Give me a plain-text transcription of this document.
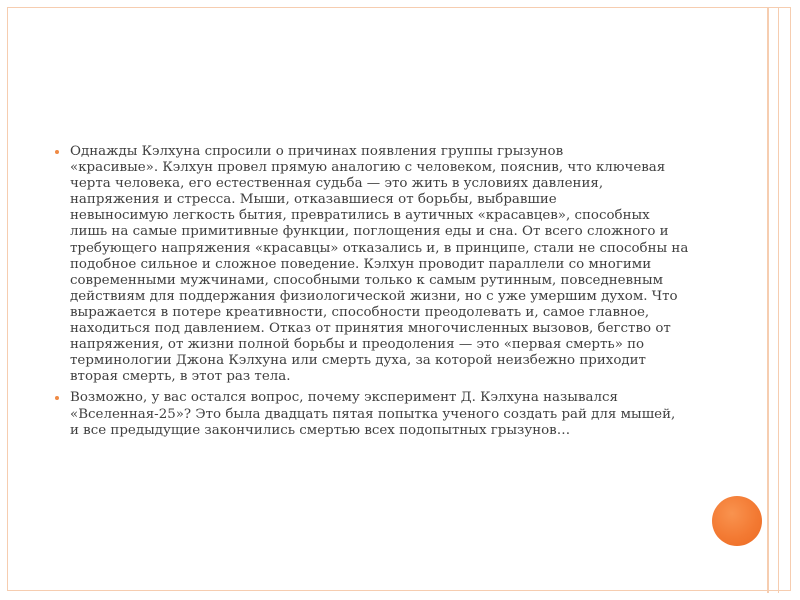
Однажды Кэлхуна спросили о причинах появления группы грызунов
«красивые». Кэлхун провел прямую аналогию с человеком, пояснив, что ключевая
черта человека, его естественная судьба — это жить в условиях давления,
напряжения и стресса. Мыши, отказавшиеся от борьбы, выбравшие
невыносимую легкость бытия, превратились в аутичных «красавцев», способных
лишь на самые примитивные функции, поглощения еды и сна. От всего сложного и
требующего напряжения «красавцы» отказались и, в принципе, стали не способны на
подобное сильное и сложное поведение. Кэлхун проводит параллели со многими
современными мужчинами, способными только к самым рутинным, повседневным
действиям для поддержания физиологической жизни, но с уже умершим духом. Что
выражается в потере креативности, способности преодолевать и, самое главное,
находиться под давлением. Отказ от принятия многочисленных вызовов, бегство от
напряжения, от жизни полной борьбы и преодоления — это «первая смерть» по
терминологии Джона Кэлхуна или смерть духа, за которой неизбежно приходит
вторая смерть, в этот раз тела.
Возможно, у вас остался вопрос, почему эксперимент Д. Кэлхуна назывался
«Вселенная-25»? Это была двадцать пятая попытка ученого создать рай для мышей,
и все предыдущие закончились смертью всех подопытных грызунов…
